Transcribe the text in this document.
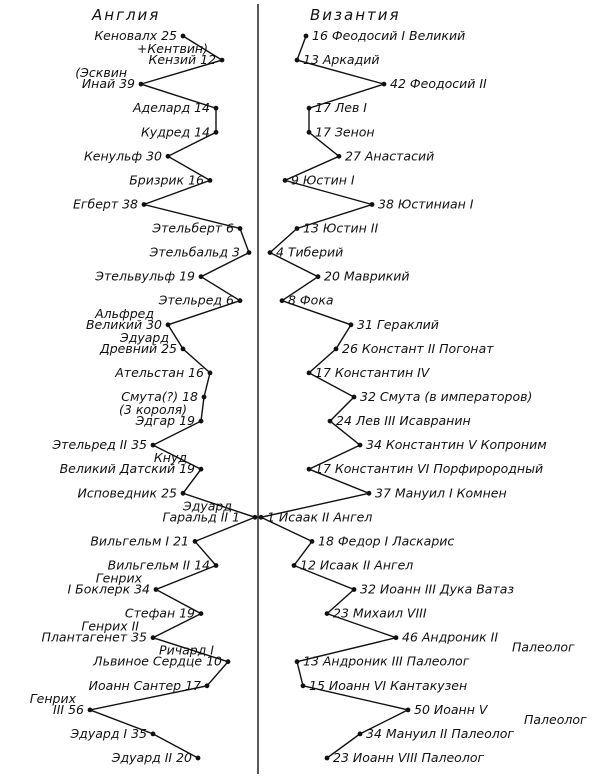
Англия	Византия
Кеновалх 25
Кензий 12
+Кентвин)
Инай 39
(Эсквин
Аделард 14
Кудред 14
Кенульф 30
Бризрик 16
Егберт 38
Этельберт 6
Этельбальд 3
Этельвульф 19
Этельред 6
Великий 30
Альфред
Древний 25
Эдуард
Ательстан 16
Смута(?) 18
Эдгар 19
(3 короля)
Этельред II 35
Великий Датский 19
Кнуд
Исповедник 25
Гаральд II 1
Эдуард
Вильгельм I 21
Вильгельм II 14
I Боклерк 34
Генрих
Стефан 19
Плантагенет 35
Генрих II
Львиное Сердце 10
Ричард I
Иоанн Сантер 17
III 56
Генрих
Эдуард I 35
Эдуард II 20
16 Феодосий I Великий
13 Аркадий
42 Феодосий II
17 Лев I
17 Зенон
27 Анастасий
9 Юстин I
38 Юстиниан I
13 Юстин II
4 Тиберий
20 Маврикий
8 Фока
31 Гераклий
26 Констант II Погонат
17 Константин IV
32 Смута (в императоров)
24 Лев III Исавранин
34 Константин V Копроним
17 Константин VI Порфирородный
37 Мануил I Комнен
1 Исаак II Ангел
18 Федор I Ласкарис
12 Исаак II Ангел
32 Иоанн III Дука Ватаз
23 Михаил VIII
46 Андроник II
Палеолог
13 Андроник III Палеолог
15 Иоанн VI Кантакузен
50 Иоанн V
Палеолог
34 Мануил II Палеолог
23 Иоанн VIII Палеолог
